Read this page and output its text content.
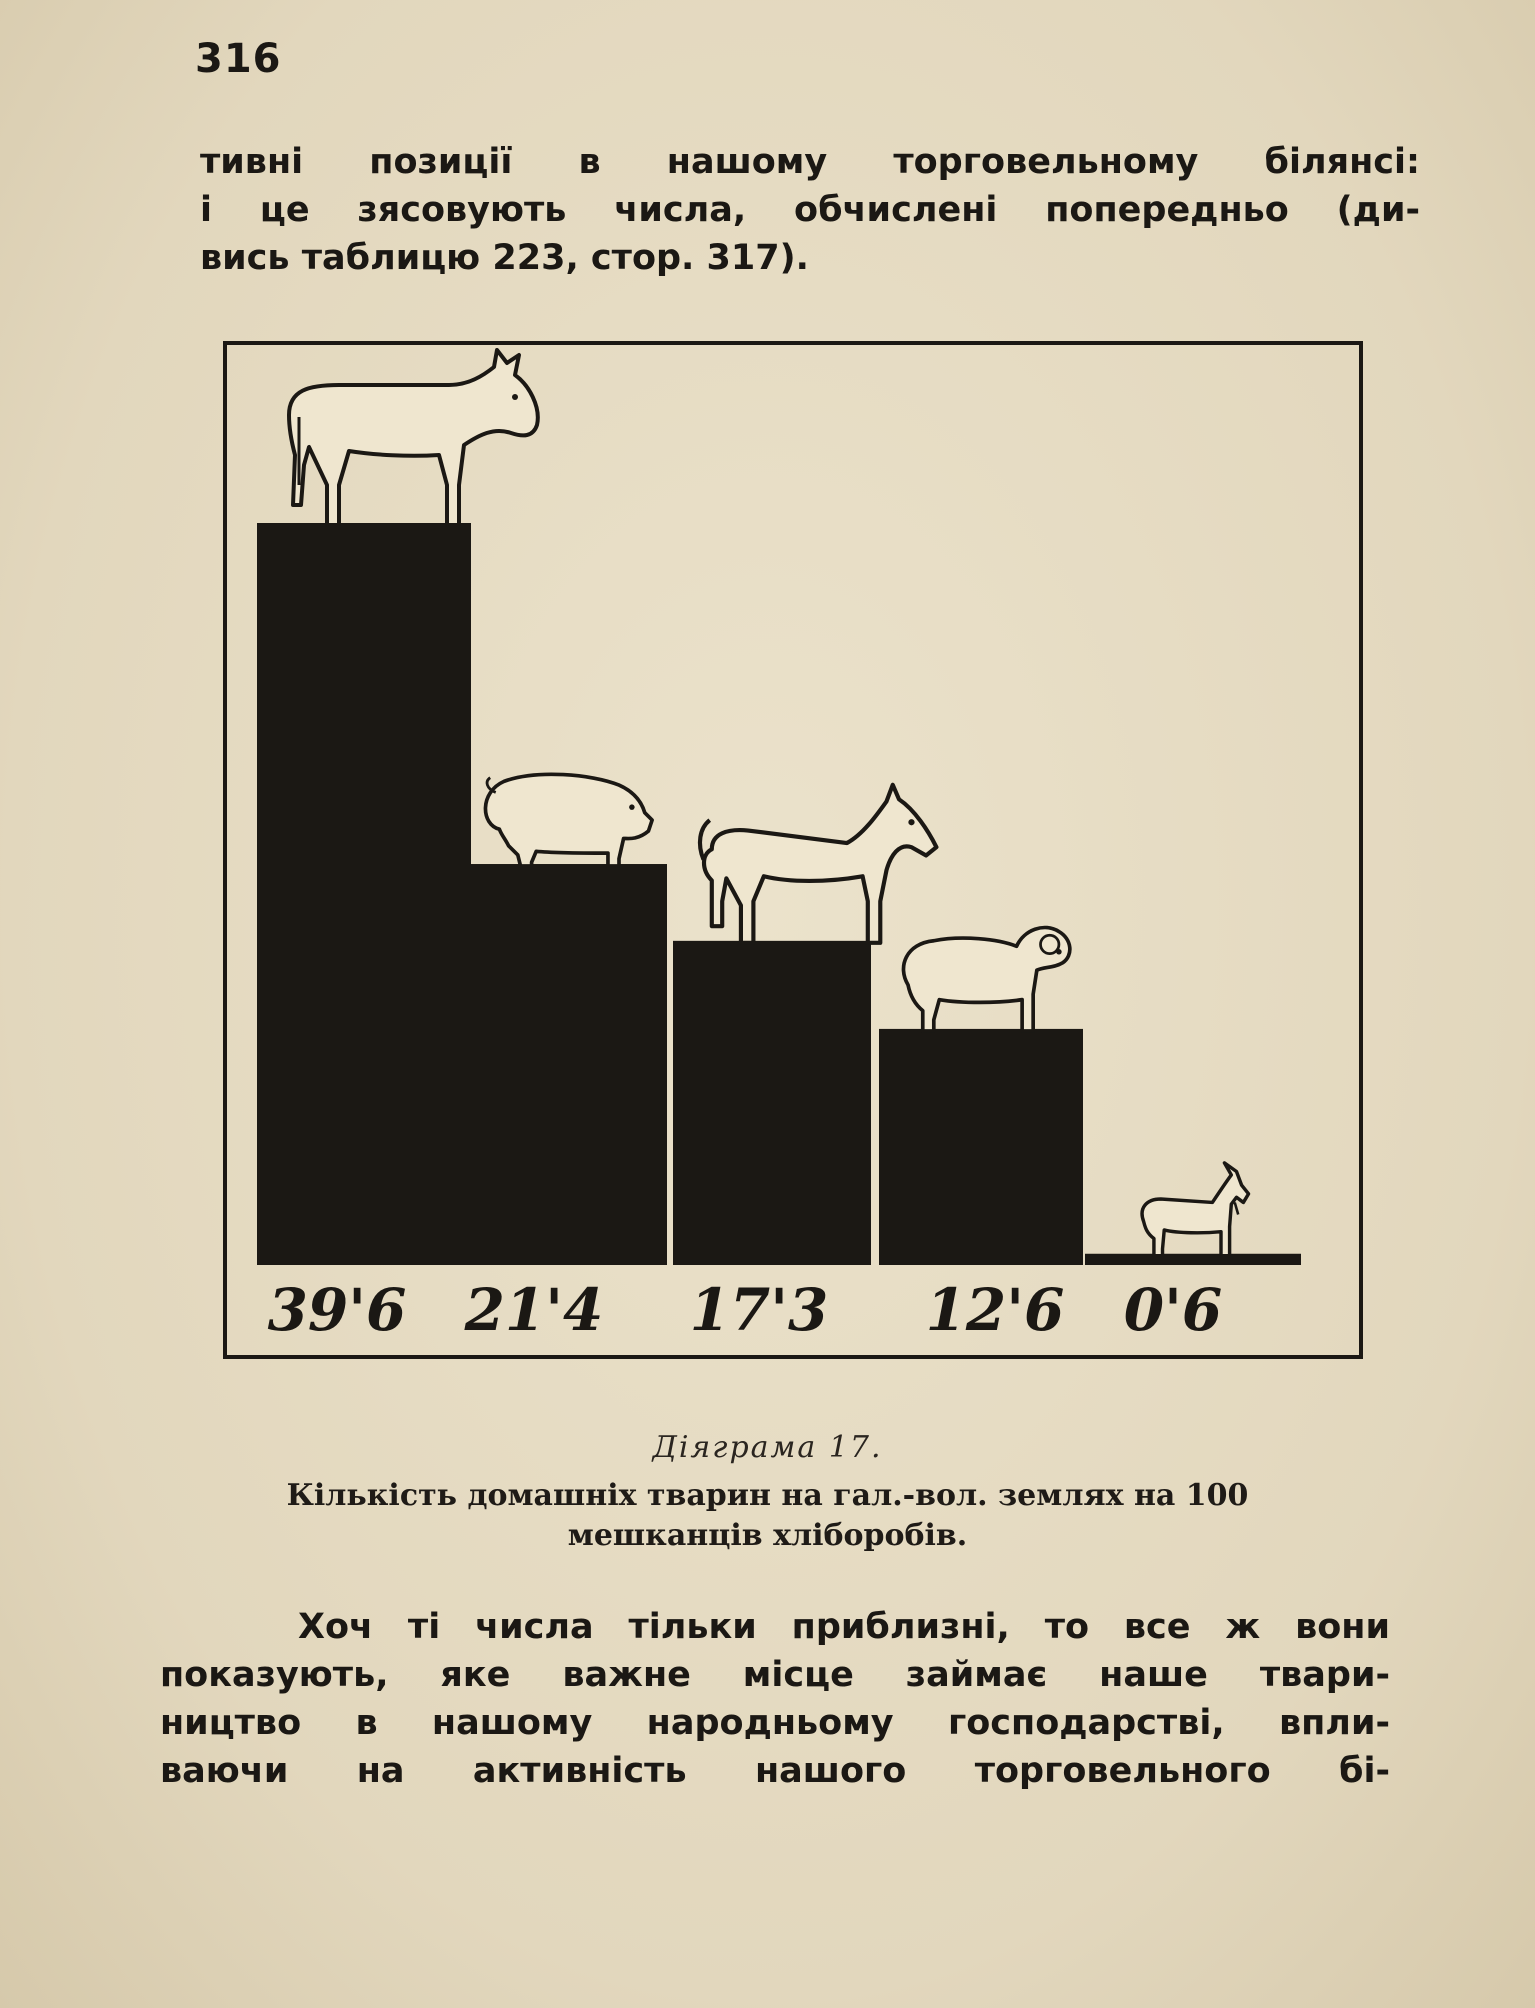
316
тивні позиції в нашому торговельному білянсі:
і це зясовують числа, обчислені попередньо (ди-
вись таблицю 223, стор. 317).
39'6 21'4 17'3 12'6 0'6
Діяграма 17.
Кількість домашніх тварин на гал.-вол. землях на 100
мешканців хліборобів.
Хоч ті числа тільки приблизні, то все ж вони
показують, яке важне місце займає наше твари-
ництво в нашому народньому господарстві, впли-
ваючи на активність нашого торговельного бі-
